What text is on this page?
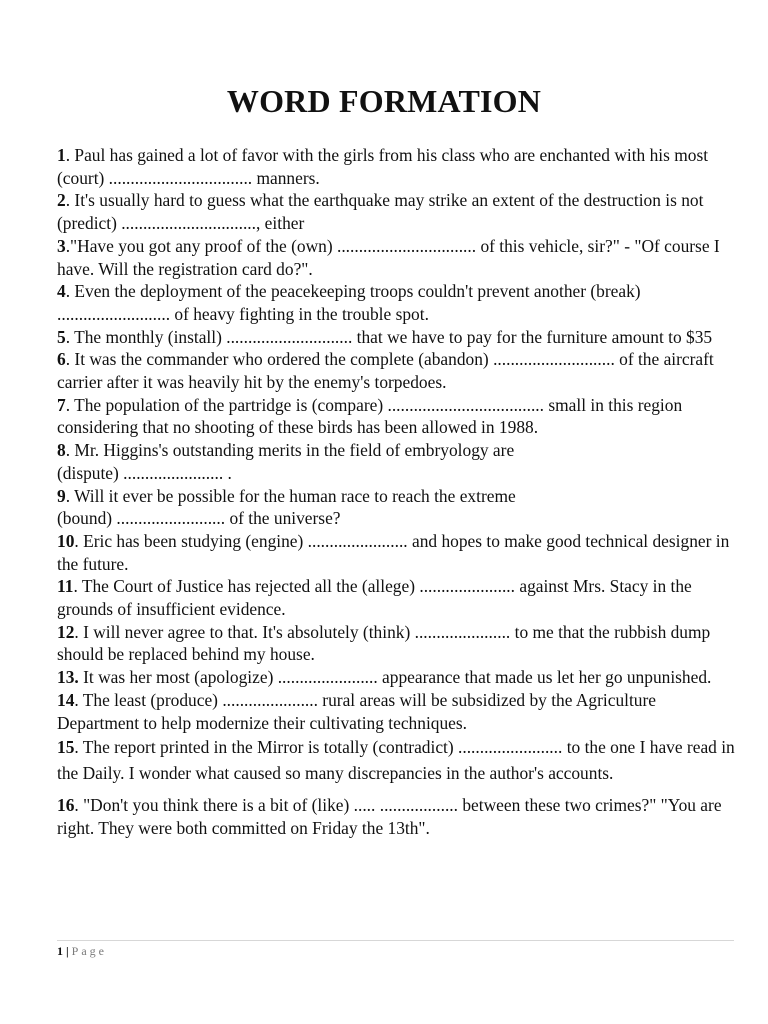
WORD FORMATION

1. Paul has gained a lot of favor with the girls from his class who are enchanted with his most (court) ................................. manners.

2. It's usually hard to guess what the earthquake may strike an extent of the destruction is not (predict) ..............................., either

3."Have you got any proof of the (own) ................................ of this vehicle, sir?" - "Of course I have. Will the registration card do?".

4. Even the deployment of the peacekeeping troops couldn't prevent another (break) .......................... of heavy fighting in the trouble spot.

5. The monthly (install) ............................. that we have to pay for the furniture amount to $35

6. It was the commander who ordered the complete (abandon) ............................ of the aircraft carrier after it was heavily hit by the enemy's torpedoes.

7. The population of the partridge is (compare) .................................... small in this region considering that no shooting of these birds has been allowed in 1988.

8. Mr. Higgins's outstanding merits in the field of embryology are
(dispute) ....................... .

9. Will it ever be possible for the human race to reach the extreme
(bound) ......................... of the universe?

10. Eric has been studying (engine) ....................... and hopes to make good technical designer in the future.

11. The Court of Justice has rejected all the (allege) ...................... against Mrs. Stacy in the grounds of insufficient evidence.

12. I will never agree to that. It's absolutely (think) ...................... to me that the rubbish dump should be replaced behind my house.

13. It was her most (apologize) ....................... appearance that made us let her go unpunished.

14. The least (produce) ...................... rural areas will be subsidized by the Agriculture Department to help modernize their cultivating techniques.

15. The report printed in the Mirror is totally (contradict) ........................ to the one I have read in the Daily. I wonder what caused so many discrepancies in the author's accounts.

16. "Don't you think there is a bit of (like) ..... .................. between these two crimes?" "You are right. They were both committed on Friday the 13th".

1 | Page
